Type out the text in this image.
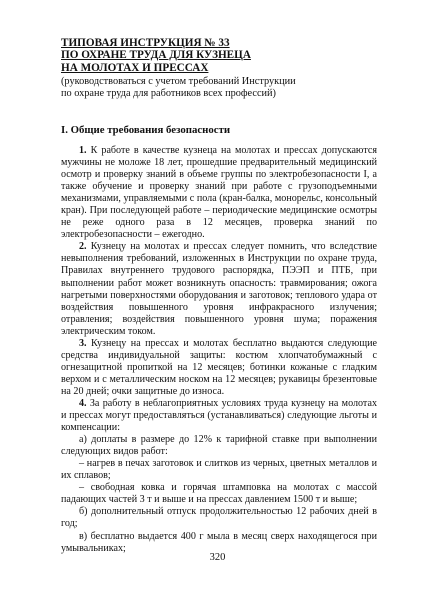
ТИПОВАЯ ИНСТРУКЦИЯ № 33
ПО ОХРАНЕ ТРУДА ДЛЯ КУЗНЕЦА
НА МОЛОТАХ И ПРЕССАХ
(руководствоваться с учетом требований Инструкции
по охране труда для работников всех профессий)
I. Общие требования безопасности

1. К работе в качестве кузнеца на молотах и прессах допускаются мужчины не моложе 18 лет, прошедшие предварительный медицинский осмотр и проверку знаний в объеме группы по электробезопасности I, а также обучение и проверку знаний при работе с грузоподъемными механизмами, управляемыми с пола (кран-балка, монорельс, консольный кран). При последующей работе – периодические медицинские осмотры не реже одного раза в 12 месяцев, проверка знаний по электробезопасности – ежегодно.

2. Кузнецу на молотах и прессах следует помнить, что вследствие невыполнения требований, изложенных в Инструкции по охране труда, Правилах внутреннего трудового распорядка, ПЭЭП и ПТБ, при выполнении работ может возникнуть опасность: травмирования; ожога нагретыми поверхностями оборудования и заготовок; теплового удара от воздействия повышенного уровня инфракрасного излучения; отравления; воздействия повышенного уровня шума; поражения электрическим током.

3. Кузнецу на прессах и молотах бесплатно выдаются следующие средства индивидуальной защиты: костюм хлопчатобумажный с огнезащитной пропиткой на 12 месяцев; ботинки кожаные с гладким верхом и с металлическим носком на 12 месяцев; рукавицы брезентовые на 20 дней; очки защитные до износа.

4. За работу в неблагоприятных условиях труда кузнецу на молотах и прессах могут предоставляться (устанавливаться) следующие льготы и компенсации:

а) доплаты в размере до 12% к тарифной ставке при выполнении следующих видов работ:

– нагрев в печах заготовок и слитков из черных, цветных металлов и их сплавов;

– свободная ковка и горячая штамповка на молотах с массой падающих частей 3 т и выше и на прессах давлением 1500 т и выше;

б) дополнительный отпуск продолжительностью 12 рабочих дней в год;

в) бесплатно выдается 400 г мыла в месяц сверх находящегося при умывальниках;

320
